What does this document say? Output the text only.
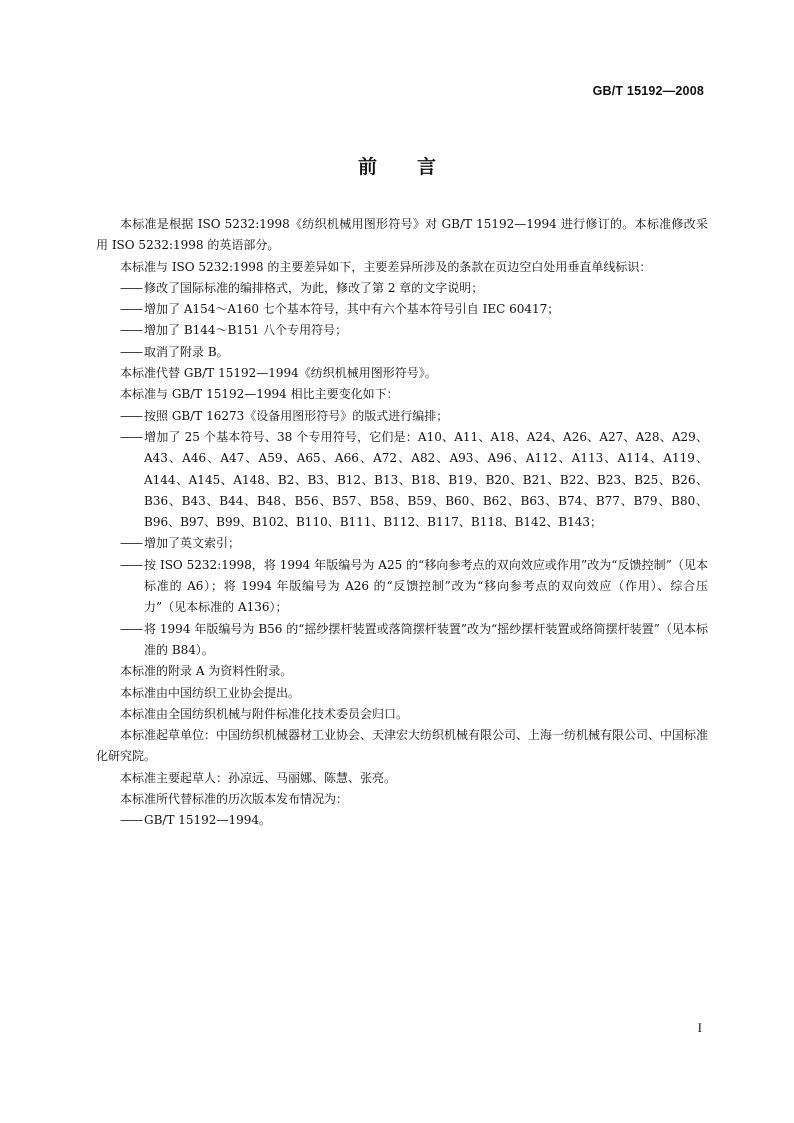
GB/T 15192—2008
前 言

本标准是根据 ISO 5232:1998《纺织机械用图形符号》对 GB/T 15192—1994 进行修订的。本标准修改采用 ISO 5232:1998 的英语部分。

本标准与 ISO 5232:1998 的主要差异如下，主要差异所涉及的条款在页边空白处用垂直单线标识：

—— 修改了国际标准的编排格式，为此，修改了第 2 章的文字说明；

—— 增加了 A154～A160 七个基本符号，其中有六个基本符号引自 IEC 60417；

—— 增加了 B144～B151 八个专用符号；

—— 取消了附录 B。

本标准代替 GB/T 15192—1994《纺织机械用图形符号》。

本标准与 GB/T 15192—1994 相比主要变化如下：

—— 按照 GB/T 16273《设备用图形符号》的版式进行编排；

—— 增加了 25 个基本符号、38 个专用符号，它们是：A10、A11、A18、A24、A26、A27、A28、A29、A43、A46、A47、A59、A65、A66、A72、A82、A93、A96、A112、A113、A114、A119、A144、A145、A148、B2、B3、B12、B13、B18、B19、B20、B21、B22、B23、B25、B26、B36、B43、B44、B48、B56、B57、B58、B59、B60、B62、B63、B74、B77、B79、B80、B96、B97、B99、B102、B110、B111、B112、B117、B118、B142、B143；

—— 增加了英文索引；

—— 按 ISO 5232:1998，将 1994 年版编号为 A25 的“移向参考点的双向效应或作用”改为“反馈控制”（见本标准的 A6）；将 1994 年版编号为 A26 的“反馈控制”改为“移向参考点的双向效应（作用）、综合压力”（见本标准的 A136）；

—— 将 1994 年版编号为 B56 的“摇纱摆杆装置或落筒摆杆装置”改为“摇纱摆杆装置或络筒摆杆装置”（见本标准的 B84）。

本标准的附录 A 为资料性附录。

本标准由中国纺织工业协会提出。

本标准由全国纺织机械与附件标准化技术委员会归口。

本标准起草单位：中国纺织机械器材工业协会、天津宏大纺织机械有限公司、上海一纺机械有限公司、中国标准化研究院。

本标准主要起草人：孙凉远、马丽娜、陈慧、张亮。

本标准所代替标准的历次版本发布情况为：

—— GB/T 15192—1994。

I
